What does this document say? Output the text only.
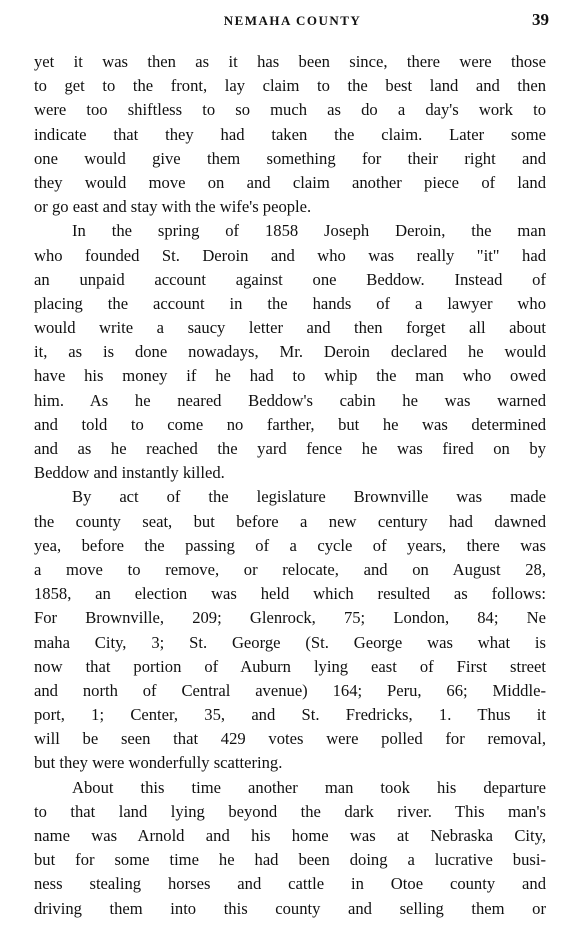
NEMAHA COUNTY	39
yet it was then as it has been since, there were those
to get to the front, lay claim to the best land and then
were too shiftless to so much as do a day's work to
indicate that they had taken the claim. Later some
one would give them something for their right and
they would move on and claim another piece of land
or go east and stay with the wife's people.
In the spring of 1858 Joseph Deroin, the man
who founded St. Deroin and who was really "it" had
an unpaid account against one Beddow. Instead of
placing the account in the hands of a lawyer who
would write a saucy letter and then forget all about
it, as is done nowadays, Mr. Deroin declared he would
have his money if he had to whip the man who owed
him. As he neared Beddow's cabin he was warned
and told to come no farther, but he was determined
and as he reached the yard fence he was fired on by
Beddow and instantly killed.
By act of the legislature Brownville was made
the county seat, but before a new century had dawned
yea, before the passing of a cycle of years, there was
a move to remove, or relocate, and on August 28,
1858, an election was held which resulted as follows:
For Brownville, 209; Glenrock, 75; London, 84; Ne
maha City, 3; St. George (St. George was what is
now that portion of Auburn lying east of First street
and north of Central avenue) 164; Peru, 66; Middle-
port, 1; Center, 35, and St. Fredricks, 1. Thus it
will be seen that 429 votes were polled for removal,
but they were wonderfully scattering.
About this time another man took his departure
to that land lying beyond the dark river. This man's
name was Arnold and his home was at Nebraska City,
but for some time he had been doing a lucrative busi-
ness stealing horses and cattle in Otoe county and
driving them into this county and selling them or
